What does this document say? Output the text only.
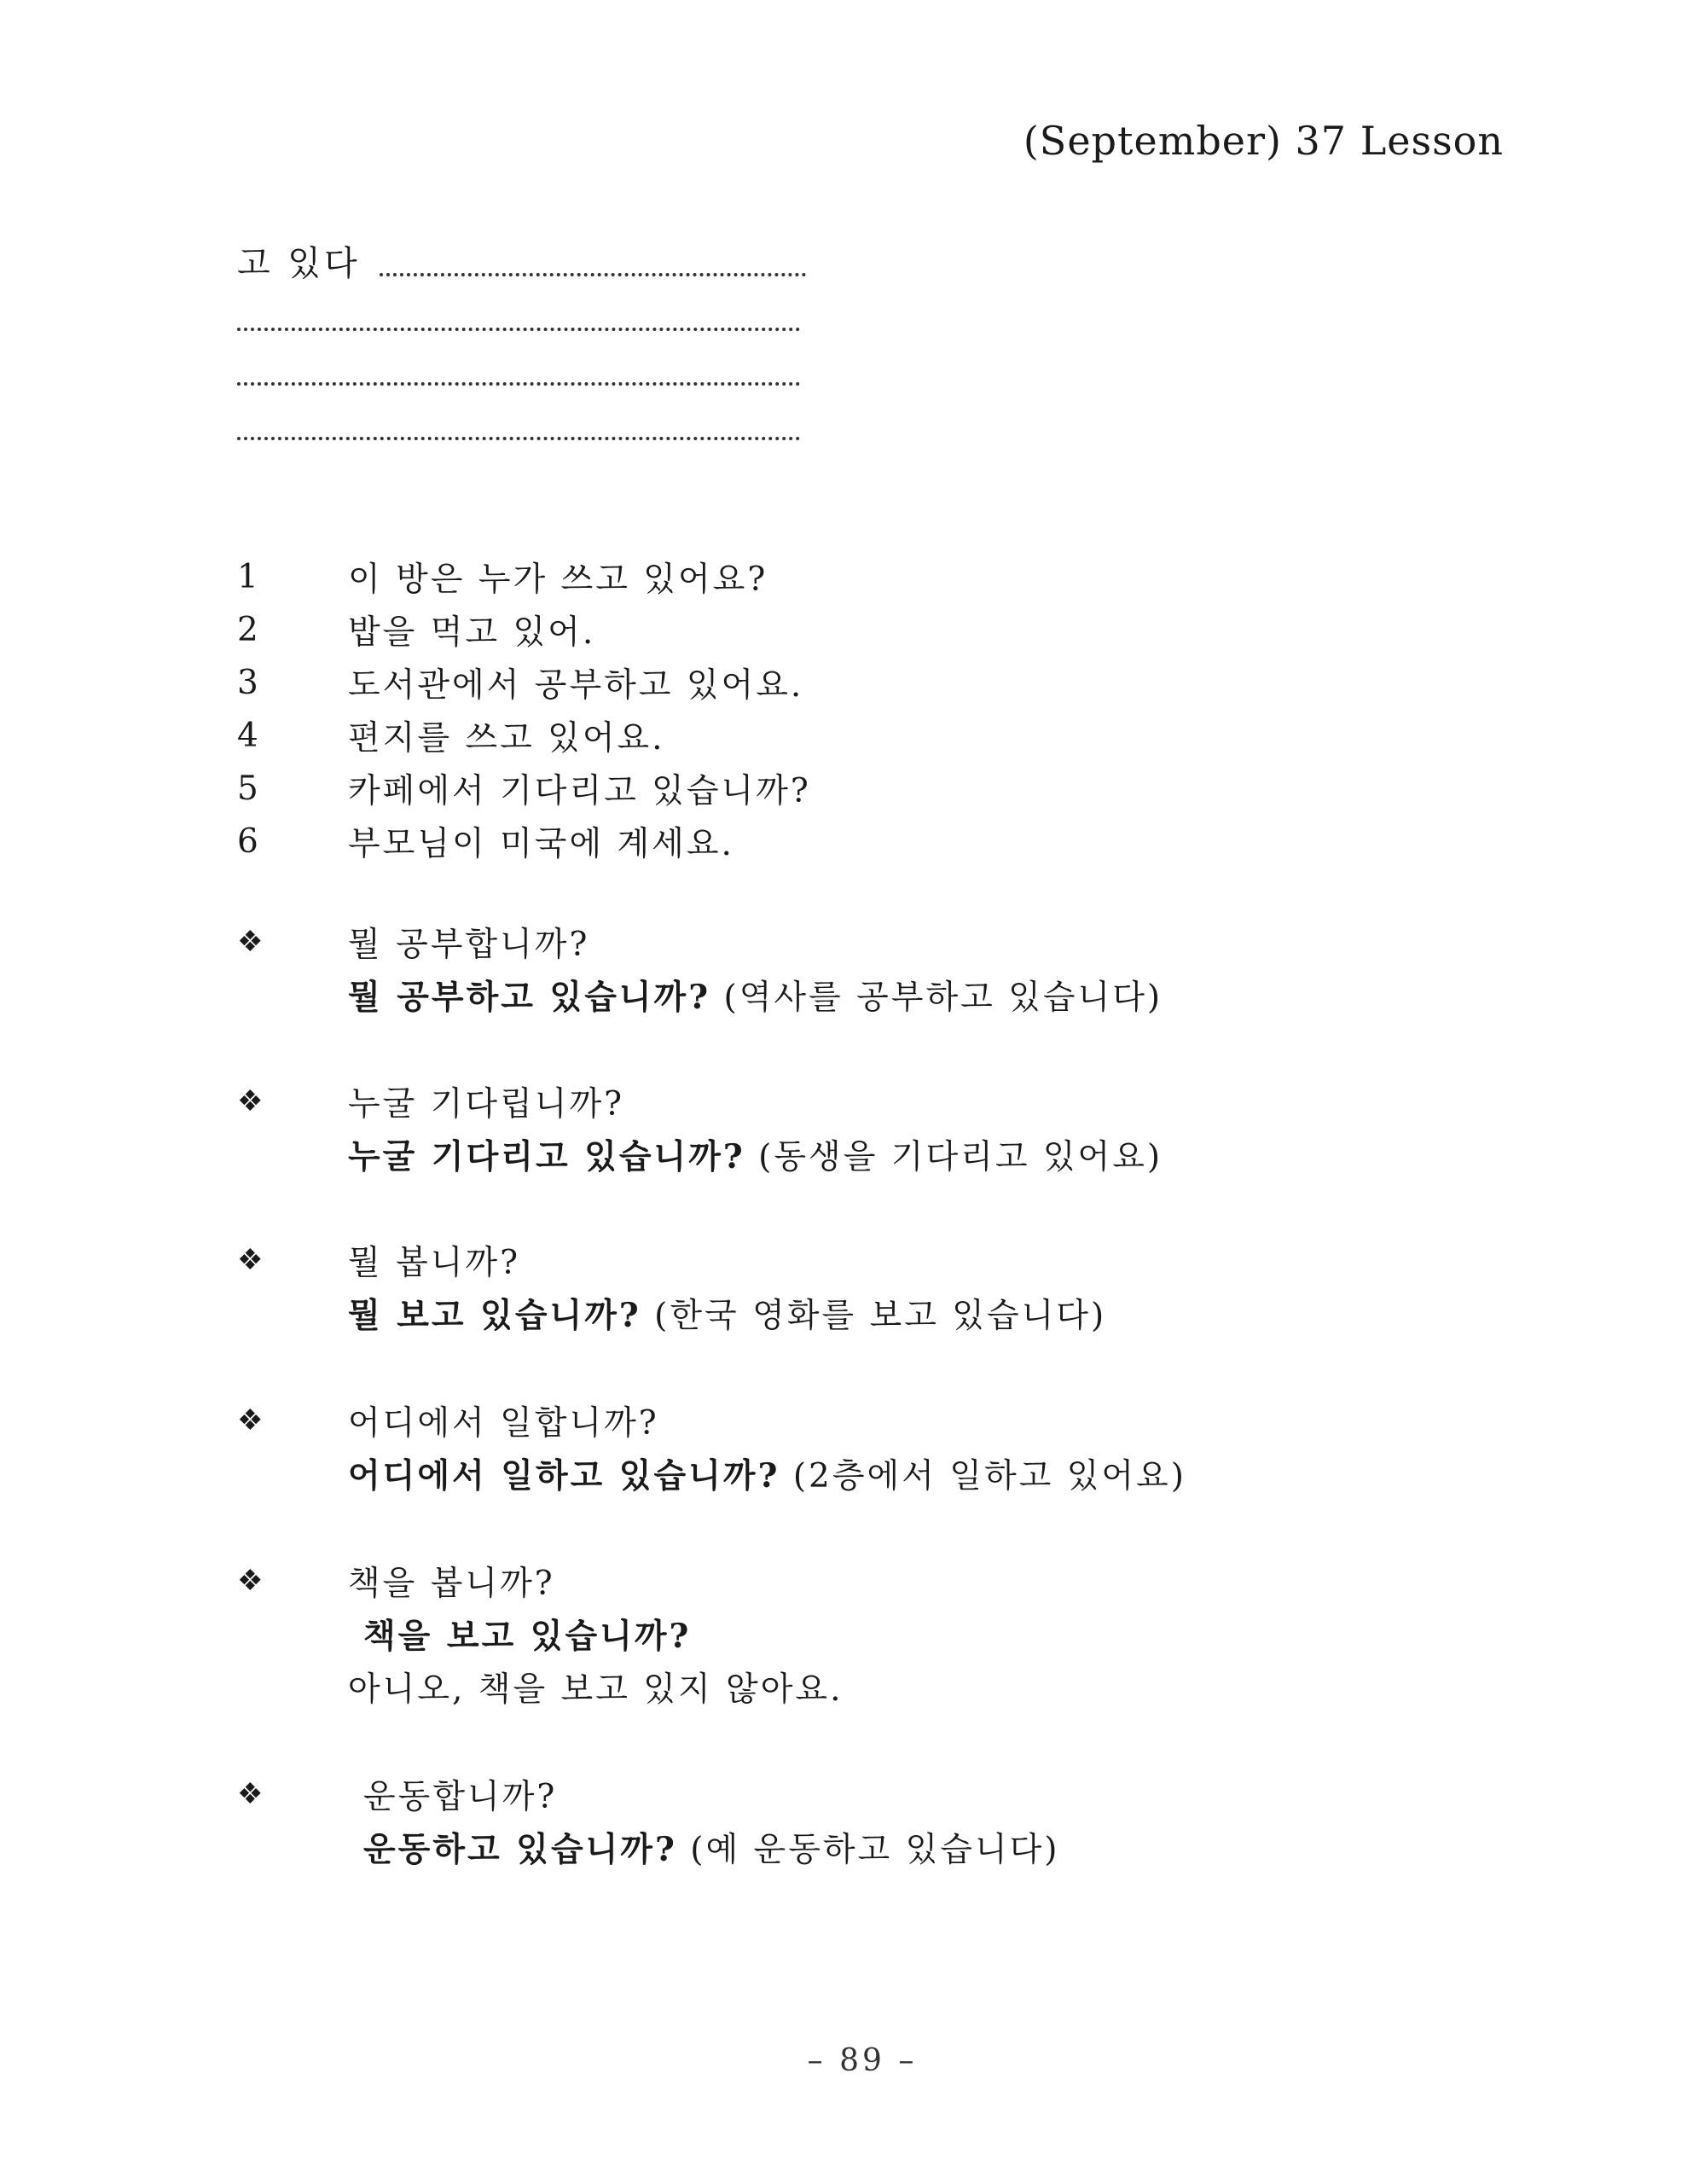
(September) 37 Lesson
고 있다
1	이 방은 누가 쓰고 있어요?
2	밥을 먹고 있어.
3	도서관에서 공부하고 있어요.
4	편지를 쓰고 있어요.
5	카페에서 기다리고 있습니까?
6	부모님이 미국에 계세요.
❖	뭘 공부합니까?
뭘 공부하고 있습니까?
(역사를 공부하고 있습니다)
❖	누굴 기다립니까?
누굴 기다리고 있습니까?
(동생을 기다리고 있어요)
❖	뭘 봅니까?
뭘 보고 있습니까?
(한국 영화를 보고 있습니다)
❖	어디에서 일합니까?
어디에서 일하고 있습니까?
(2층에서 일하고 있어요)
❖	책을 봅니까?
책을 보고 있습니까?
아니오, 책을 보고 있지 않아요.
❖	운동합니까?
운동하고 있습니까?
(예 운동하고 있습니다)
– 89 –
